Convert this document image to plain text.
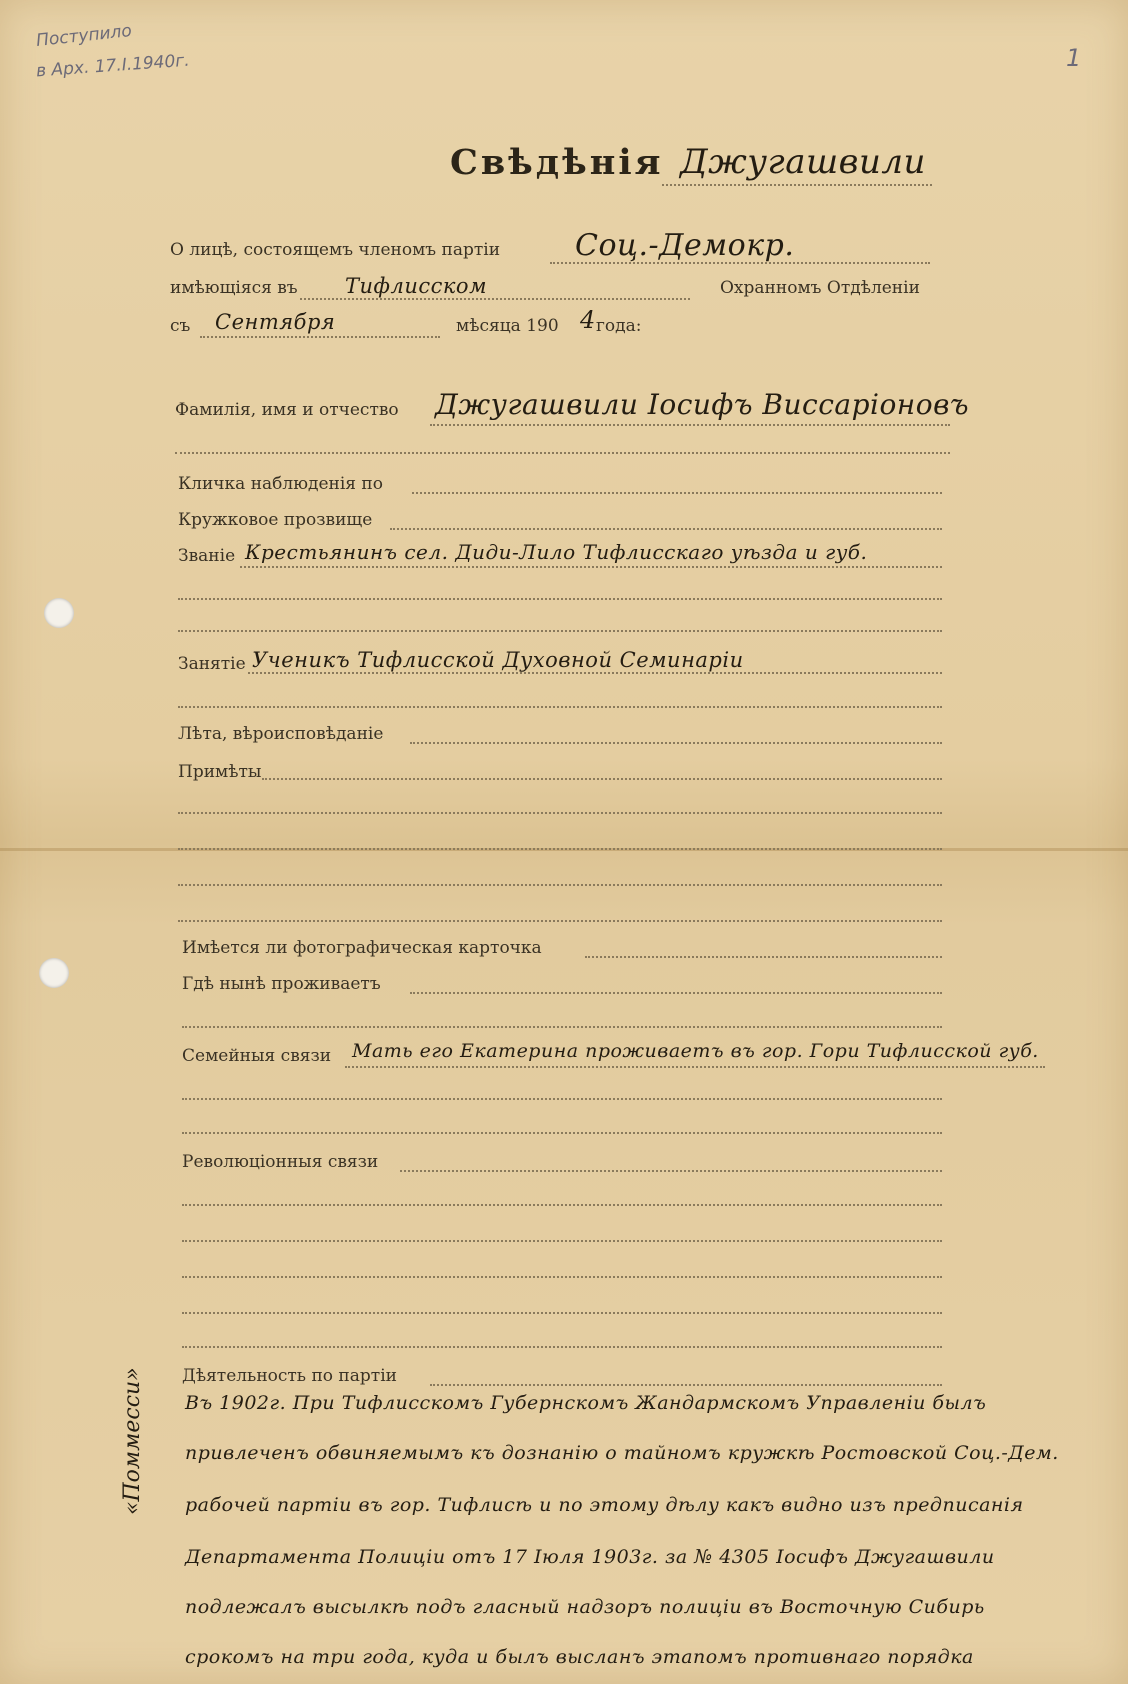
Поступило
в Арх. 17.I.1940г.	1
Свѣдѣнія Джугашвили
О лицѣ, состоящемъ членомъ партіи Соц.-Демокр.
имѣющіяся въ Тифлисском	Охранномъ Отдѣленіи
съ Сентября	мѣсяца 190 4 года:
Фамилія, имя и отчество Джугашвили Іосифъ Виссарiоновъ
Кличка наблюденія по
Кружковое прозвище
Званіе Крестьянинъ сел. Диди-Лило Тифлисскаго уѣзда и губ.
Занятіе Ученикъ Тифлисской Духовной Семинаріи
Лѣта, вѣроисповѣданіе
Примѣты
Имѣется ли фотографическая карточка
Гдѣ нынѣ проживаетъ
Семейныя связи Мать его Екатерина проживаетъ въ гор. Гори Тифлисской губ.
Революціонныя связи
Дѣятельность по партіи
«Поммесси» Въ 1902г. При Тифлисскомъ Губернскомъ Жандармскомъ Управленіи былъ
привлеченъ обвиняемымъ къ дознанію о тайномъ кружкѣ Ростовской Соц.-Дем.
рабочей партіи въ гор. Тифлисѣ и по этому дѣлу какъ видно изъ предписанія
Департамента Полиціи отъ 17 Іюля 1903г. за № 4305 Іосифъ Джугашвили
подлежалъ высылкѣ подъ гласный надзоръ полиціи въ Восточную Сибирь
срокомъ на три года, куда и былъ высланъ этапомъ противнаго порядка
